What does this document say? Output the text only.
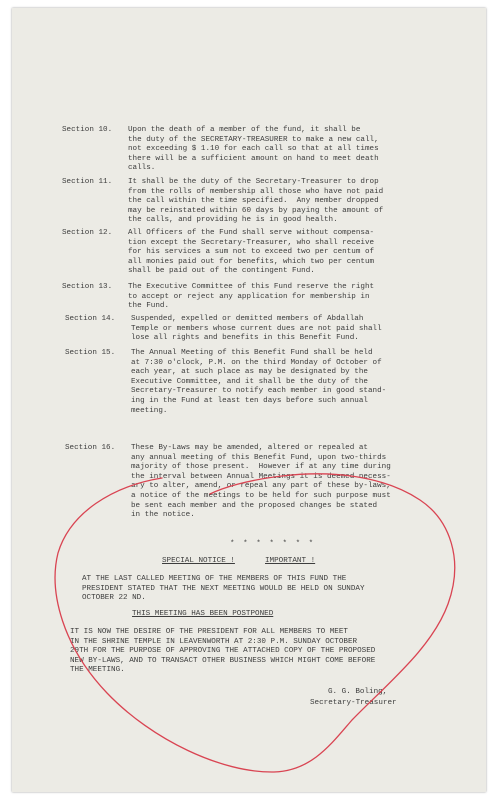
Section 10. Upon the death of a member of the fund, it shall be
the duty of the SECRETARY-TREASURER to make a new call,
not exceeding $ 1.10 for each call so that at all times
there will be a sufficient amount on hand to meet death
calls.
Section 11. It shall be the duty of the Secretary-Treasurer to drop
from the rolls of membership all those who have not paid
the call within the time specified.  Any member dropped
may be reinstated within 60 days by paying the amount of
the calls, and providing he is in good health.
Section 12. All Officers of the Fund shall serve without compensa-
tion except the Secretary-Treasurer, who shall receive
for his services a sum not to exceed two per centum of
all monies paid out for benefits, which two per centum
shall be paid out of the contingent Fund.
Section 13. The Executive Committee of this Fund reserve the right
to accept or reject any application for membership in
the Fund.
Section 14. Suspended, expelled or demitted members of Abdallah
Temple or members whose current dues are not paid shall
lose all rights and benefits in this Benefit Fund.
Section 15. The Annual Meeting of this Benefit Fund shall be held
at 7:30 o'clock, P.M. on the third Monday of October of
each year, at such place as may be designated by the
Executive Committee, and it shall be the duty of the
Secretary-Treasurer to notify each member in good stand-
ing in the Fund at least ten days before such annual
meeting.
Section 16. These By-Laws may be amended, altered or repealed at
any annual meeting of this Benefit Fund, upon two-thirds
majority of those present.  However if at any time during
the interval between Annual Meetings it is deemed necess-
ary to alter, amend, or repeal any part of these by-laws,
a notice of the meetings to be held for such purpose must
be sent each member and the proposed changes be stated
in the notice.
* * * * * * *
SPECIAL NOTICE !	IMPORTANT !
AT THE LAST CALLED MEETING OF THE MEMBERS OF THIS FUND THE
PRESIDENT STATED THAT THE NEXT MEETING WOULD BE HELD ON SUNDAY
OCTOBER 22 ND.
THIS MEETING HAS BEEN POSTPONED
IT IS NOW THE DESIRE OF THE PRESIDENT FOR ALL MEMBERS TO MEET
IN THE SHRINE TEMPLE IN LEAVENWORTH AT 2:30 P.M. SUNDAY OCTOBER
29TH FOR THE PURPOSE OF APPROVING THE ATTACHED COPY OF THE PROPOSED
NEW BY-LAWS, AND TO TRANSACT OTHER BUSINESS WHICH MIGHT COME BEFORE
THE MEETING.
G. G. Boling,
Secretary-Treasurer
